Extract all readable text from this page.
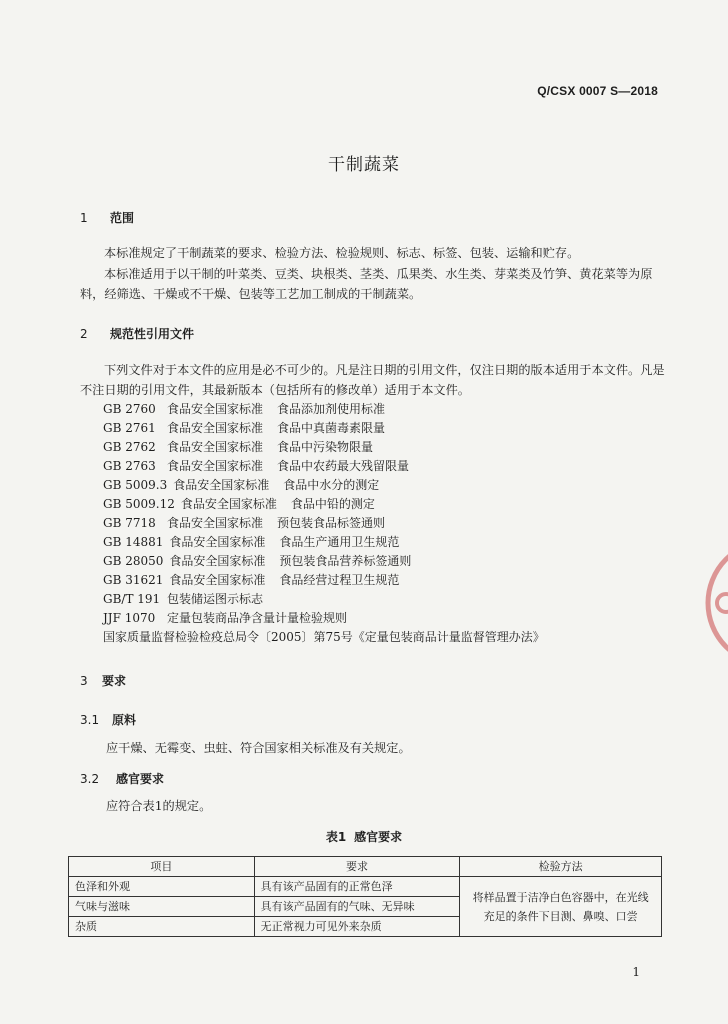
Q/CSX 0007 S—2018
干制蔬菜
1 范围
本标准规定了干制蔬菜的要求、检验方法、检验规则、标志、标签、包装、运输和贮存。
本标准适用于以干制的叶菜类、豆类、块根类、茎类、瓜果类、水生类、芽菜类及竹笋、黄花菜等为原料，经筛选、干燥或不干燥、包装等工艺加工制成的干制蔬菜。
2 规范性引用文件
下列文件对于本文件的应用是必不可少的。凡是注日期的引用文件，仅注日期的版本适用于本文件。凡是不注日期的引用文件，其最新版本（包括所有的修改单）适用于本文件。
GB 2760 食品安全国家标准 食品添加剂使用标准
GB 2761 食品安全国家标准 食品中真菌毒素限量
GB 2762 食品安全国家标准 食品中污染物限量
GB 2763 食品安全国家标准 食品中农药最大残留限量
GB 5009.3 食品安全国家标准 食品中水分的测定
GB 5009.12 食品安全国家标准 食品中铅的测定
GB 7718 食品安全国家标准 预包装食品标签通则
GB 14881 食品安全国家标准 食品生产通用卫生规范
GB 28050 食品安全国家标准 预包装食品营养标签通则
GB 31621 食品安全国家标准 食品经营过程卫生规范
GB/T 191 包装储运图示标志
JJF 1070 定量包装商品净含量计量检验规则
国家质量监督检验检疫总局令〔2005〕第75号《定量包装商品计量监督管理办法》
3 要求
3.1 原料
应干燥、无霉变、虫蛀、符合国家相关标准及有关规定。
3.2 感官要求
应符合表1的规定。
表1 感官要求
项目	要求	检验方法
色泽和外观	具有该产品固有的正常色泽	将样品置于洁净白色容器中，在光线充足的条件下目测、鼻嗅、口尝
气味与滋味	具有该产品固有的气味、无异味	
杂质	无正常视力可见外来杂质	
1
